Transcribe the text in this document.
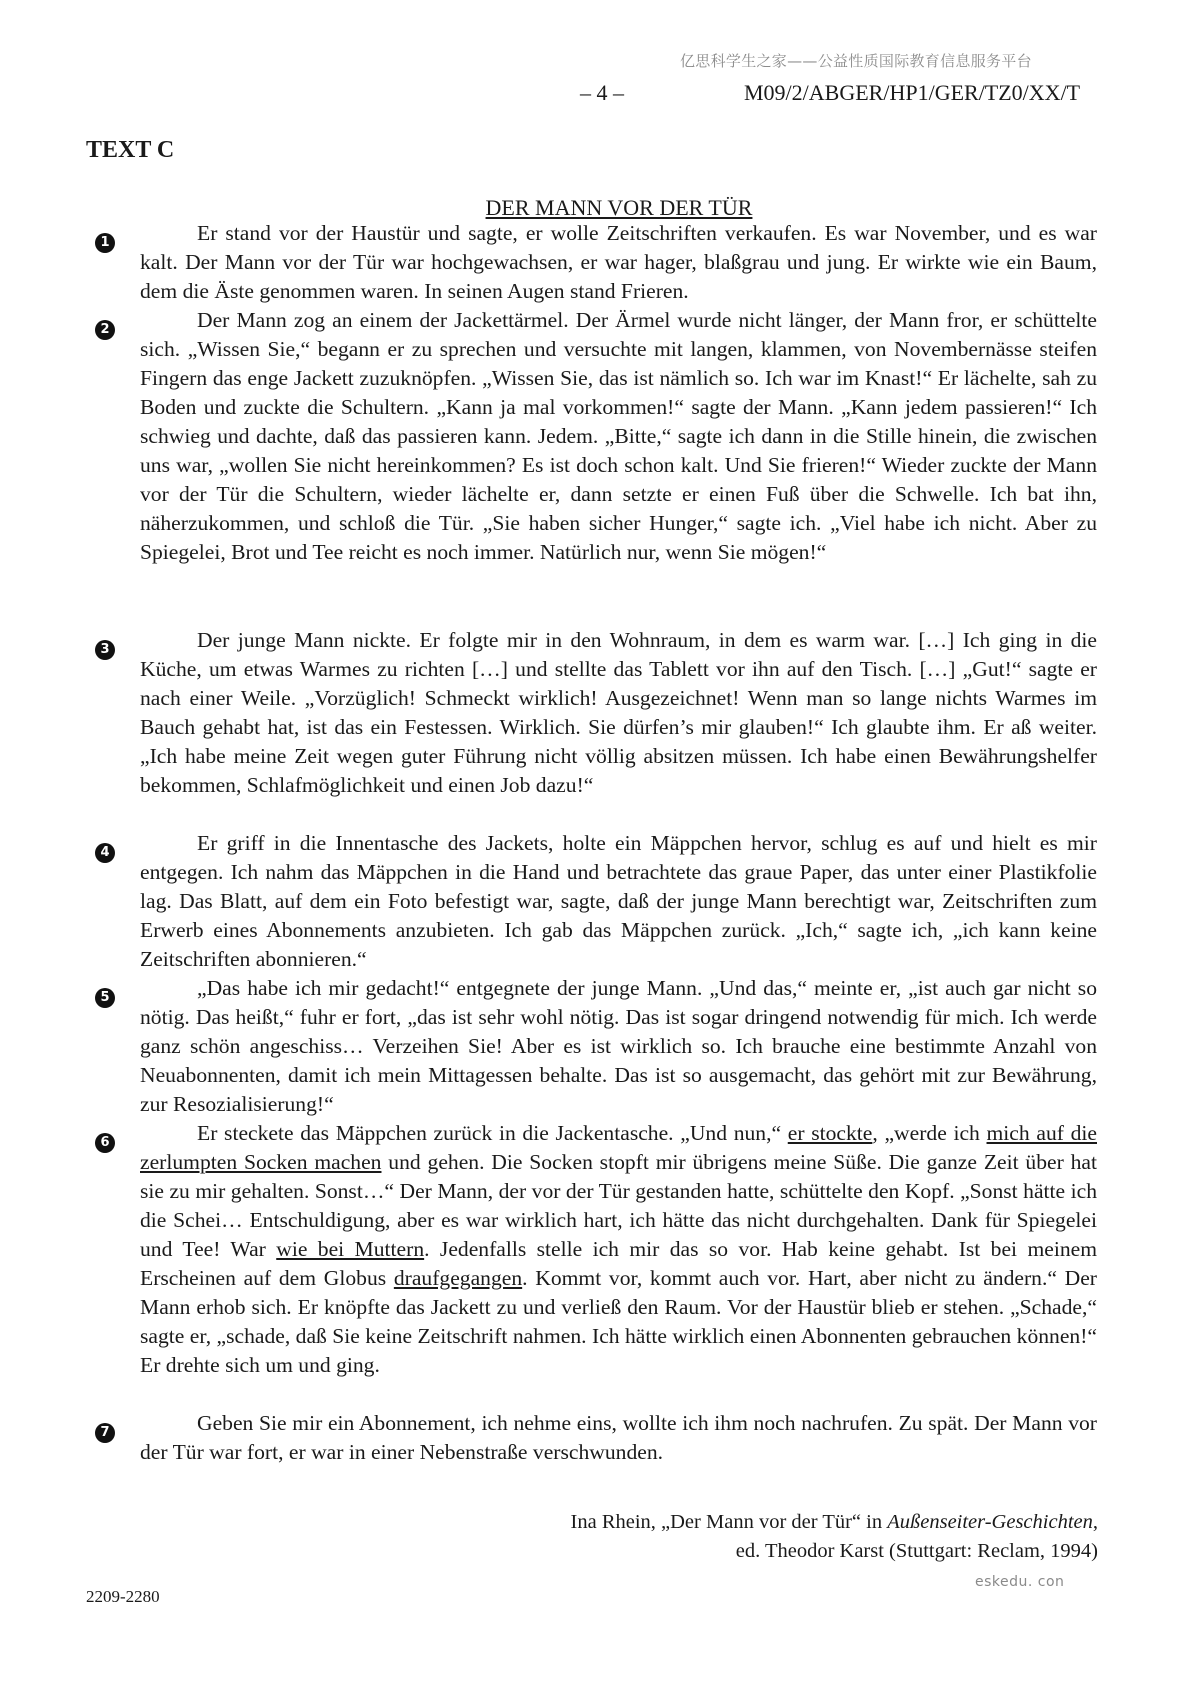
亿思科学生之家——公益性质国际教育信息服务平台
– 4 –	M09/2/ABGER/HP1/GER/TZ0/XX/T
TEXT C
DER MANN VOR DER TÜR
1	Er stand vor der Haustür und sagte, er wolle Zeitschriften verkaufen. Es war November, und es war kalt. Der Mann vor der Tür war hochgewachsen, er war hager, blaßgrau und jung. Er wirkte wie ein Baum, dem die Äste genommen waren. In seinen Augen stand Frieren.
2	Der Mann zog an einem der Jackettärmel. Der Ärmel wurde nicht länger, der Mann fror, er schüttelte sich. „Wissen Sie,“ begann er zu sprechen und versuchte mit langen, klammen, von Novembernässe steifen Fingern das enge Jackett zuzuknöpfen. „Wissen Sie, das ist nämlich so. Ich war im Knast!“ Er lächelte, sah zu Boden und zuckte die Schultern. „Kann ja mal vorkommen!“ sagte der Mann. „Kann jedem passieren!“ Ich schwieg und dachte, daß das passieren kann. Jedem. „Bitte,“ sagte ich dann in die Stille hinein, die zwischen uns war, „wollen Sie nicht hereinkommen? Es ist doch schon kalt. Und Sie frieren!“ Wieder zuckte der Mann vor der Tür die Schultern, wieder lächelte er, dann setzte er einen Fuß über die Schwelle. Ich bat ihn, näherzukommen, und schloß die Tür. „Sie haben sicher Hunger,“ sagte ich. „Viel habe ich nicht. Aber zu Spiegelei, Brot und Tee reicht es noch immer. Natürlich nur, wenn Sie mögen!“
3	Der junge Mann nickte. Er folgte mir in den Wohnraum, in dem es warm war. […] Ich ging in die Küche, um etwas Warmes zu richten […] und stellte das Tablett vor ihn auf den Tisch. […] „Gut!“ sagte er nach einer Weile. „Vorzüglich! Schmeckt wirklich! Ausgezeichnet! Wenn man so lange nichts Warmes im Bauch gehabt hat, ist das ein Festessen. Wirklich. Sie dürfen’s mir glauben!“ Ich glaubte ihm. Er aß weiter. „Ich habe meine Zeit wegen guter Führung nicht völlig absitzen müssen. Ich habe einen Bewährungshelfer bekommen, Schlafmöglichkeit und einen Job dazu!“
4	Er griff in die Innentasche des Jackets, holte ein Mäppchen hervor, schlug es auf und hielt es mir entgegen. Ich nahm das Mäppchen in die Hand und betrachtete das graue Paper, das unter einer Plastikfolie lag. Das Blatt, auf dem ein Foto befestigt war, sagte, daß der junge Mann berechtigt war, Zeitschriften zum Erwerb eines Abonnements anzubieten. Ich gab das Mäppchen zurück. „Ich,“ sagte ich, „ich kann keine Zeitschriften abonnieren.“
5	„Das habe ich mir gedacht!“ entgegnete der junge Mann. „Und das,“ meinte er, „ist auch gar nicht so nötig. Das heißt,“ fuhr er fort, „das ist sehr wohl nötig. Das ist sogar dringend notwendig für mich. Ich werde ganz schön angeschiss… Verzeihen Sie! Aber es ist wirklich so. Ich brauche eine bestimmte Anzahl von Neuabonnenten, damit ich mein Mittagessen behalte. Das ist so ausgemacht, das gehört mit zur Bewährung, zur Resozialisierung!“
6	Er steckete das Mäppchen zurück in die Jackentasche. „Und nun,“ er stockte, „werde ich mich auf die zerlumpten Socken machen und gehen. Die Socken stopft mir übrigens meine Süße. Die ganze Zeit über hat sie zu mir gehalten. Sonst…“ Der Mann, der vor der Tür gestanden hatte, schüttelte den Kopf. „Sonst hätte ich die Schei… Entschuldigung, aber es war wirklich hart, ich hätte das nicht durchgehalten. Dank für Spiegelei und Tee! War wie bei Muttern. Jedenfalls stelle ich mir das so vor. Hab keine gehabt. Ist bei meinem Erscheinen auf dem Globus draufgegangen. Kommt vor, kommt auch vor. Hart, aber nicht zu ändern.“ Der Mann erhob sich. Er knöpfte das Jackett zu und verließ den Raum. Vor der Haustür blieb er stehen. „Schade,“ sagte er, „schade, daß Sie keine Zeitschrift nahmen. Ich hätte wirklich einen Abonnenten gebrauchen können!“ Er drehte sich um und ging.
7	Geben Sie mir ein Abonnement, ich nehme eins, wollte ich ihm noch nachrufen. Zu spät. Der Mann vor der Tür war fort, er war in einer Nebenstraße verschwunden.
Ina Rhein, „Der Mann vor der Tür“ in Außenseiter-Geschichten,
ed. Theodor Karst (Stuttgart: Reclam, 1994)
eskedu. con
2209-2280
